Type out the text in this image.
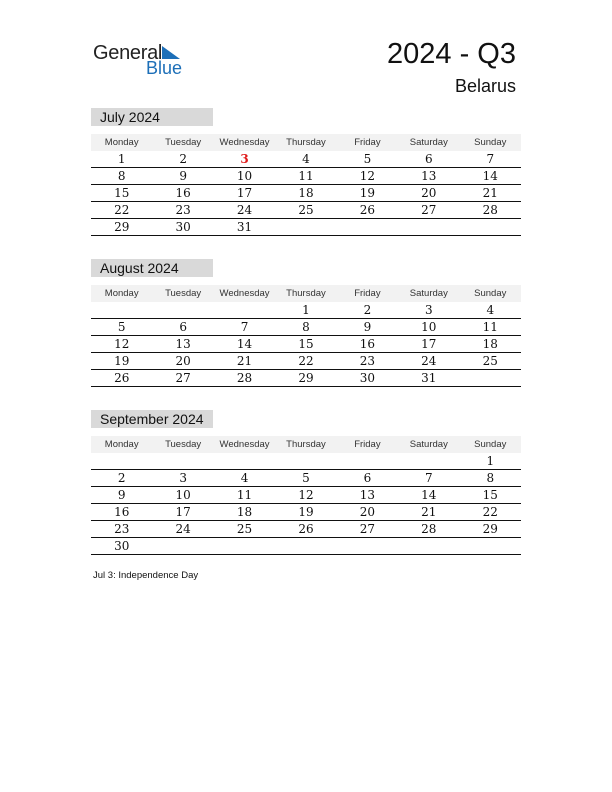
General
Blue	2024 - Q3
Belarus
July 2024
Monday	Tuesday	Wednesday	Thursday	Friday	Saturday	Sunday
1	2	3	4	5	6	7
8	9	10	11	12	13	14
15	16	17	18	19	20	21
22	23	24	25	26	27	28
29	30	31				
August 2024
Monday	Tuesday	Wednesday	Thursday	Friday	Saturday	Sunday
			1	2	3	4
5	6	7	8	9	10	11
12	13	14	15	16	17	18
19	20	21	22	23	24	25
26	27	28	29	30	31	
September 2024
Monday	Tuesday	Wednesday	Thursday	Friday	Saturday	Sunday
						1
2	3	4	5	6	7	8
9	10	11	12	13	14	15
16	17	18	19	20	21	22
23	24	25	26	27	28	29
30						
Jul 3: Independence Day
